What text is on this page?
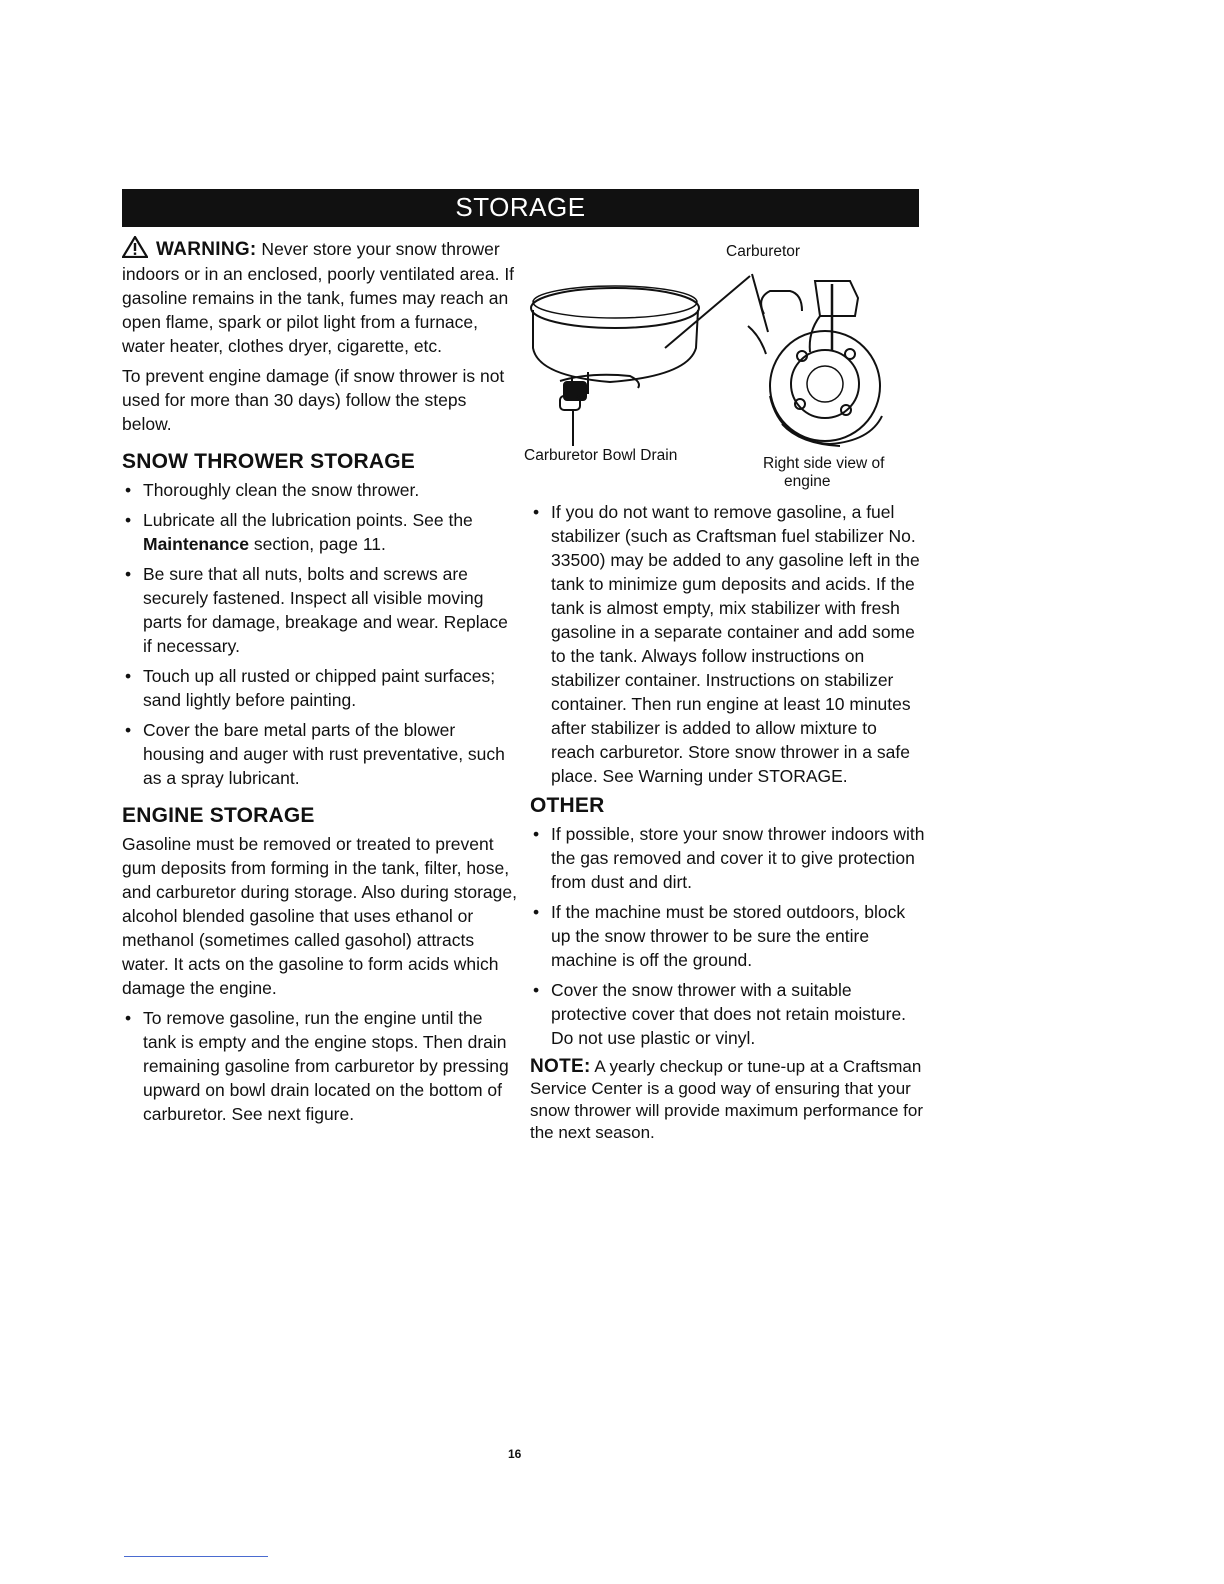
STORAGE

WARNING: Never store your snow thrower indoors or in an enclosed, poorly ventilated area. If gasoline remains in the tank, fumes may reach an open flame, spark or pilot light from a furnace, water heater, clothes dryer, cigarette, etc.

To prevent engine damage (if snow thrower is not used for more than 30 days) follow the steps below.

SNOW THROWER STORAGE
• Thoroughly clean the snow thrower.
• Lubricate all the lubrication points. See the Maintenance section, page 11.
• Be sure that all nuts, bolts and screws are securely fastened. Inspect all visible moving parts for damage, breakage and wear. Replace if necessary.
• Touch up all rusted or chipped paint surfaces; sand lightly before painting.
• Cover the bare metal parts of the blower housing and auger with rust preventative, such as a spray lubricant.
ENGINE STORAGE

Gasoline must be removed or treated to prevent gum deposits from forming in the tank, filter, hose, and carburetor during storage. Also during storage, alcohol blended gasoline that uses ethanol or methanol (sometimes called gasohol) attracts water. It acts on the gasoline to form acids which damage the engine.

• To remove gasoline, run the engine until the tank is empty and the engine stops. Then drain remaining gasoline from carburetor by pressing upward on bowl drain located on the bottom of carburetor. See next figure.
Carburetor
Carburetor Bowl Drain	Right side view of
engine
• If you do not want to remove gasoline, a fuel stabilizer (such as Craftsman fuel stabilizer No. 33500) may be added to any gasoline left in the tank to minimize gum deposits and acids. If the tank is almost empty, mix stabilizer with fresh gasoline in a separate container and add some to the tank. Always follow instructions on stabilizer container. Instructions on stabilizer container. Then run engine at least 10 minutes after stabilizer is added to allow mixture to reach carburetor. Store snow thrower in a safe place. See Warning under STORAGE.
OTHER
• If possible, store your snow thrower indoors with the gas removed and cover it to give protection from dust and dirt.
• If the machine must be stored outdoors, block up the snow thrower to be sure the entire machine is off the ground.
• Cover the snow thrower with a suitable protective cover that does not retain moisture. Do not use plastic or vinyl.

NOTE: A yearly checkup or tune-up at a Craftsman Service Center is a good way of ensuring that your snow thrower will provide maximum performance for the next season.

16
